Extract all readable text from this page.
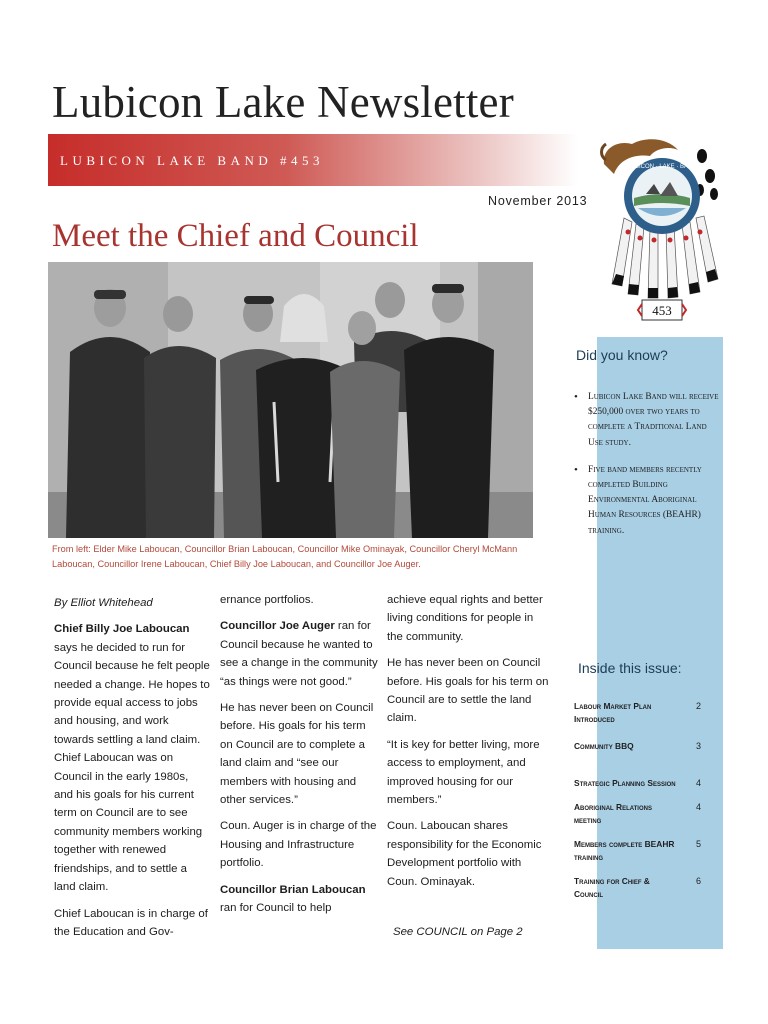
Lubicon Lake Newsletter

LUBICON LAKE BAND #453

November 2013
LUBICON · LAKE · BAND
453
Meet the Chief and Council

From left: Elder Mike Laboucan, Councillor Brian Laboucan, Councillor Mike Ominayak, Councillor Cheryl McMann Laboucan, Councillor Irene Laboucan, Chief Billy Joe Laboucan, and Councillor Joe Auger.

By Elliot Whitehead

Chief Billy Joe Laboucan says he decided to run for Council because he felt people needed a change. He hopes to provide equal access to jobs and housing, and work towards settling a land claim. Chief Laboucan was on Council in the early 1980s, and his goals for his current term on Council are to see community members working together with renewed friendships, and to settle a land claim.

Chief Laboucan is in charge of the Education and Gov-

ernance portfolios.

Councillor Joe Auger ran for Council because he wanted to see a change in the community “as things were not good.”

He has never been on Council before. His goals for his term on Council are to complete a land claim and “see our members with housing and other services.”

Coun. Auger is in charge of the Housing and Infrastructure portfolio.

Councillor Brian Laboucan ran for Council to help

achieve equal rights and better living conditions for people in the community.

He has never been on Council before. His goals for his term on Council are to settle the land claim.

“It is key for better living, more access to employment, and improved housing for our members.”

Coun. Laboucan shares responsibility for the Economic Development portfolio with Coun. Ominayak.

See COUNCIL on Page 2
Did you know?
• Lubicon Lake Band will receive $250,000 over two years to complete a Traditional Land Use study.
• Five band members recently completed Building Environmental Aboriginal Human Resources (BEAHR) training.
Inside this issue:
Labour Market Plan Introduced
2
Community BBQ	3
Strategic Planning Session 4
Aboriginal Relations meeting
4
Members complete BEAHR training
5
Training for Chief & Council
6
